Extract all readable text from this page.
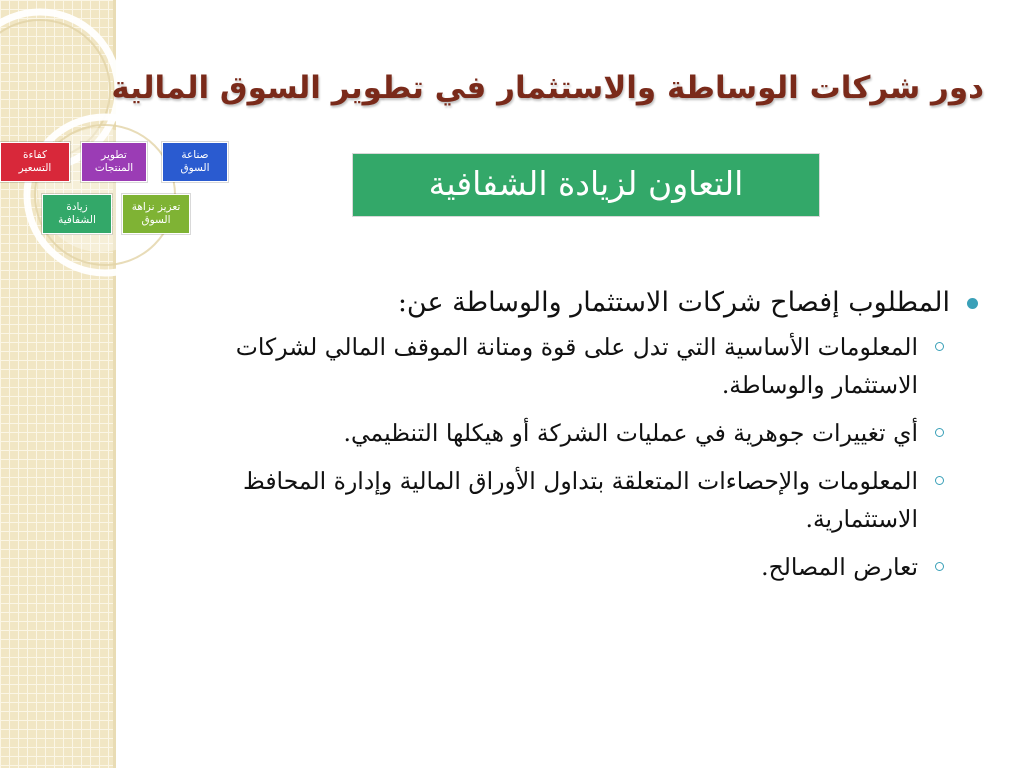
دور شركات الوساطة والاستثمار في تطوير السوق المالية
كفاءة
التسعير
تطوير
المنتجات
صناعة
السوق
زيادة
الشفافية
تعزيز نزاهة
السوق
التعاون لزيادة الشفافية
المطلوب إفصاح شركات الاستثمار والوساطة عن:
المعلومات الأساسية التي تدل على قوة ومتانة الموقف المالي لشركات الاستثمار والوساطة.
أي تغييرات جوهرية في عمليات الشركة أو هيكلها التنظيمي.
المعلومات والإحصاءات المتعلقة بتداول الأوراق المالية وإدارة المحافظ الاستثمارية.
تعارض المصالح.
